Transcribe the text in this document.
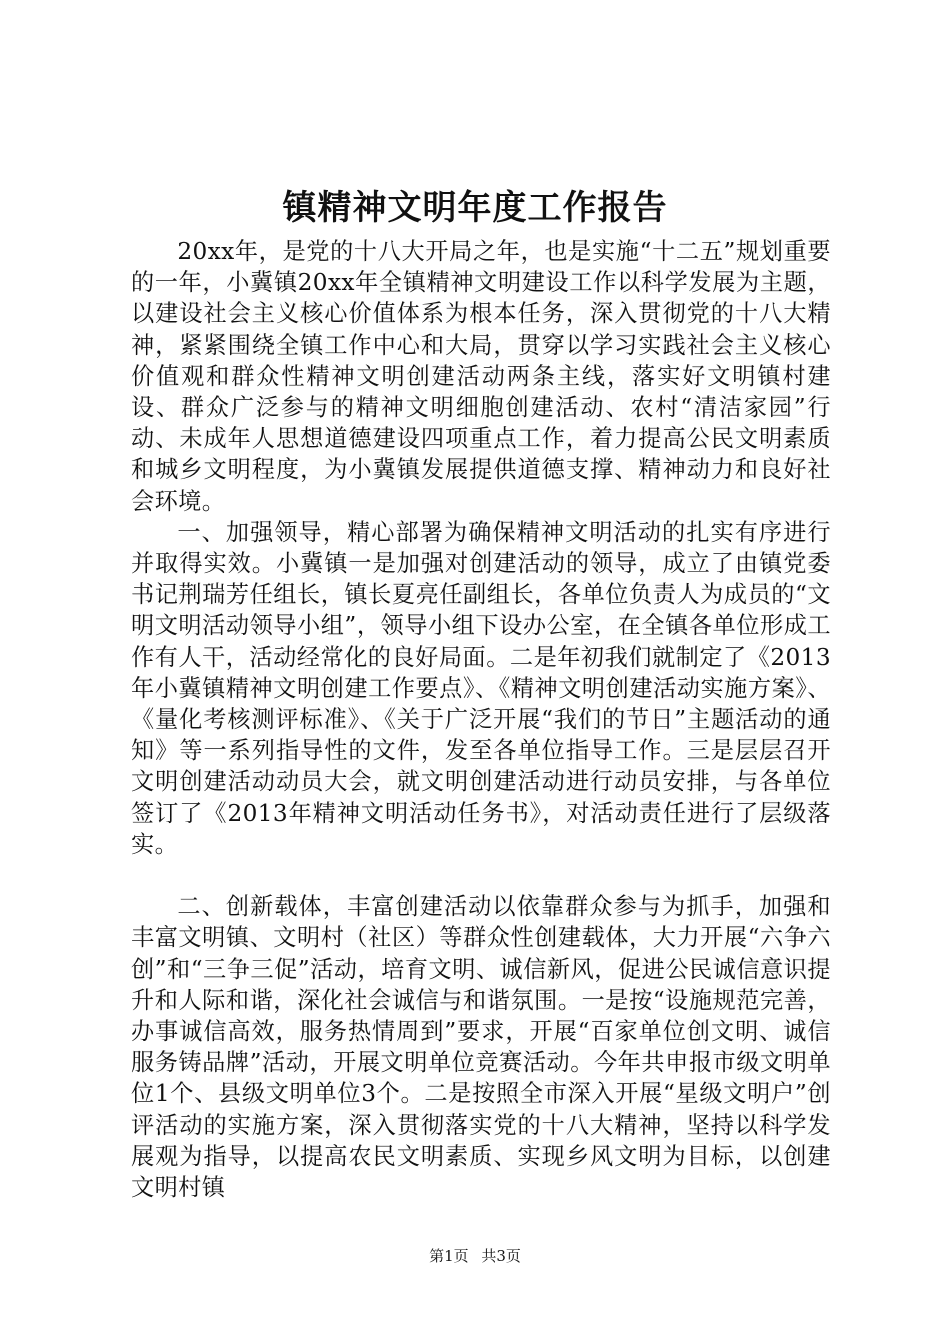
镇精神文明年度工作报告

20xx年，是党的十八大开局之年，也是实施“十二五”规划重要的一年，小冀镇20xx年全镇精神文明建设工作以科学发展为主题，以建设社会主义核心价值体系为根本任务，深入贯彻党的十八大精神，紧紧围绕全镇工作中心和大局，贯穿以学习实践社会主义核心价值观和群众性精神文明创建活动两条主线，落实好文明镇村建设、群众广泛参与的精神文明细胞创建活动、农村“清洁家园”行动、未成年人思想道德建设四项重点工作，着力提高公民文明素质和城乡文明程度，为小冀镇发展提供道德支撑、精神动力和良好社会环境。

一、加强领导，精心部署为确保精神文明活动的扎实有序进行并取得实效。小冀镇一是加强对创建活动的领导，成立了由镇党委书记荆瑞芳任组长，镇长夏亮任副组长，各单位负责人为成员的“文明文明活动领导小组”，领导小组下设办公室，在全镇各单位形成工作有人干，活动经常化的良好局面。二是年初我们就制定了《2013年小冀镇精神文明创建工作要点》、《精神文明创建活动实施方案》、《量化考核测评标准》、《关于广泛开展“我们的节日”主题活动的通知》等一系列指导性的文件，发至各单位指导工作。三是层层召开文明创建活动动员大会，就文明创建活动进行动员安排，与各单位签订了《2013年精神文明活动任务书》，对活动责任进行了层级落实。

二、创新载体，丰富创建活动以依靠群众参与为抓手，加强和丰富文明镇、文明村（社区）等群众性创建载体，大力开展“六争六创”和“三争三促”活动，培育文明、诚信新风，促进公民诚信意识提升和人际和谐，深化社会诚信与和谐氛围。一是按“设施规范完善，办事诚信高效，服务热情周到”要求，开展“百家单位创文明、诚信服务铸品牌”活动，开展文明单位竞赛活动。今年共申报市级文明单位1个、县级文明单位3个。二是按照全市深入开展“星级文明户”创评活动的实施方案，深入贯彻落实党的十八大精神，坚持以科学发展观为指导，以提高农民文明素质、实现乡风文明为目标，以创建文明村镇

第1页 共3页
